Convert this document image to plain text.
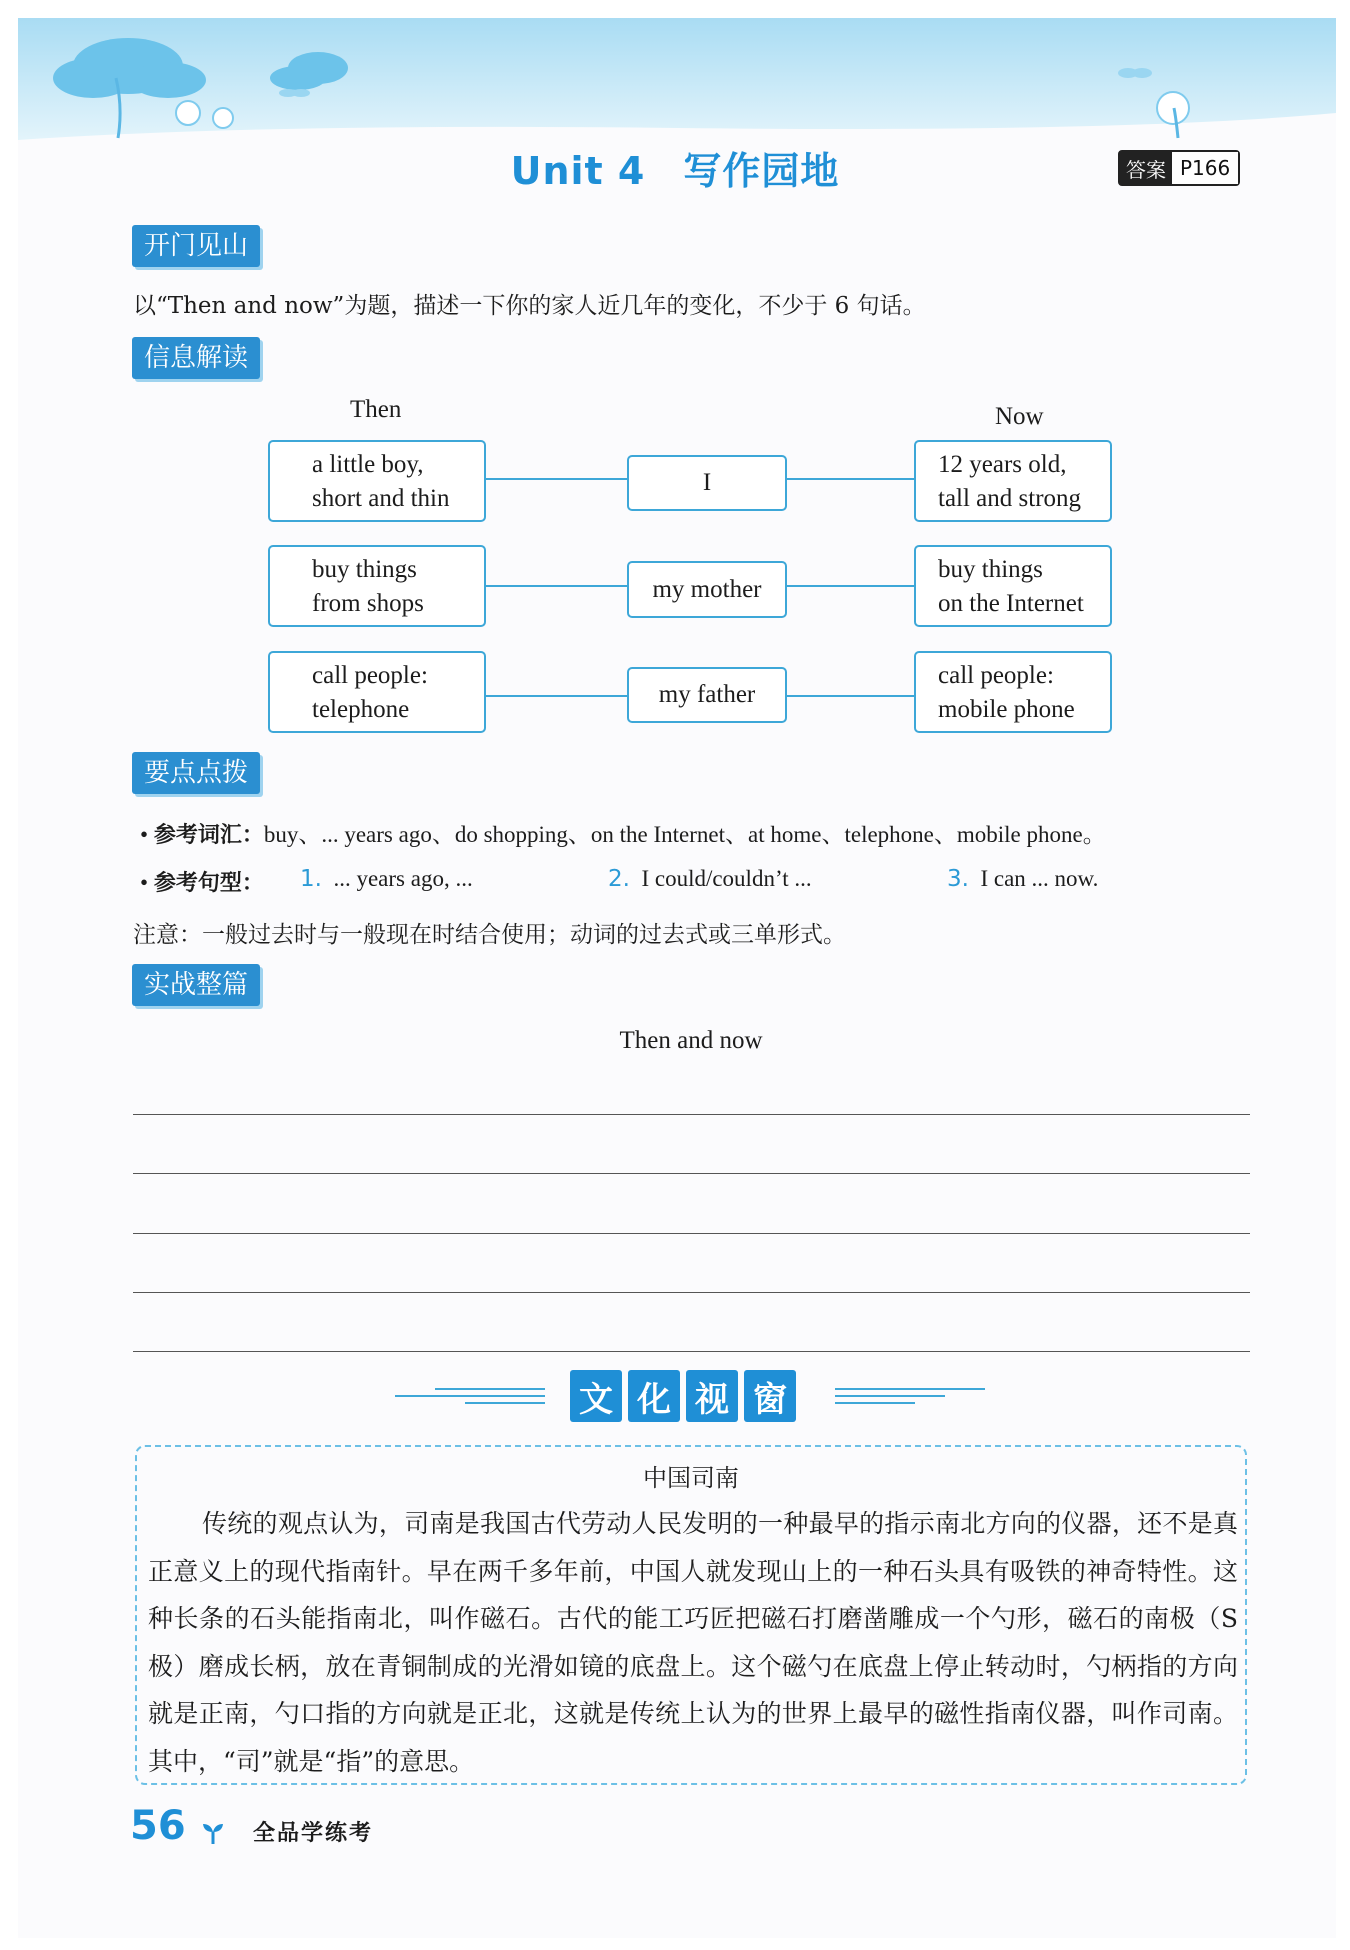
Unit 4 写作园地	答案 P166
开门见山
以“Then and now”为题，描述一下你的家人近几年的变化，不少于 6 句话。
信息解读
Then	Now
a little boy,
short and thin
I
12 years old,
tall and strong
buy things
from shops
my mother
buy things
on the Internet
call people:
telephone
my father
call people:
mobile phone
要点点拨
• 参考词汇：buy、... years ago、do shopping、on the Internet、at home、telephone、mobile phone。
• 参考句型： 1. ... years ago, ...	2. I could/couldn’t ...	3. I can ... now.
注意：一般过去时与一般现在时结合使用；动词的过去式或三单形式。
实战整篇
Then and now
文 化 视 窗
中国司南
传统的观点认为，司南是我国古代劳动人民发明的一种最早的指示南北方向的仪器，还不是真正意义上的现代指南针。早在两千多年前，中国人就发现山上的一种石头具有吸铁的神奇特性。这种长条的石头能指南北，叫作磁石。古代的能工巧匠把磁石打磨凿雕成一个勺形，磁石的南极（S 极）磨成长柄，放在青铜制成的光滑如镜的底盘上。这个磁勺在底盘上停止转动时，勺柄指的方向就是正南，勺口指的方向就是正北，这就是传统上认为的世界上最早的磁性指南仪器，叫作司南。其中，“司”就是“指”的意思。
56	全品学练考
